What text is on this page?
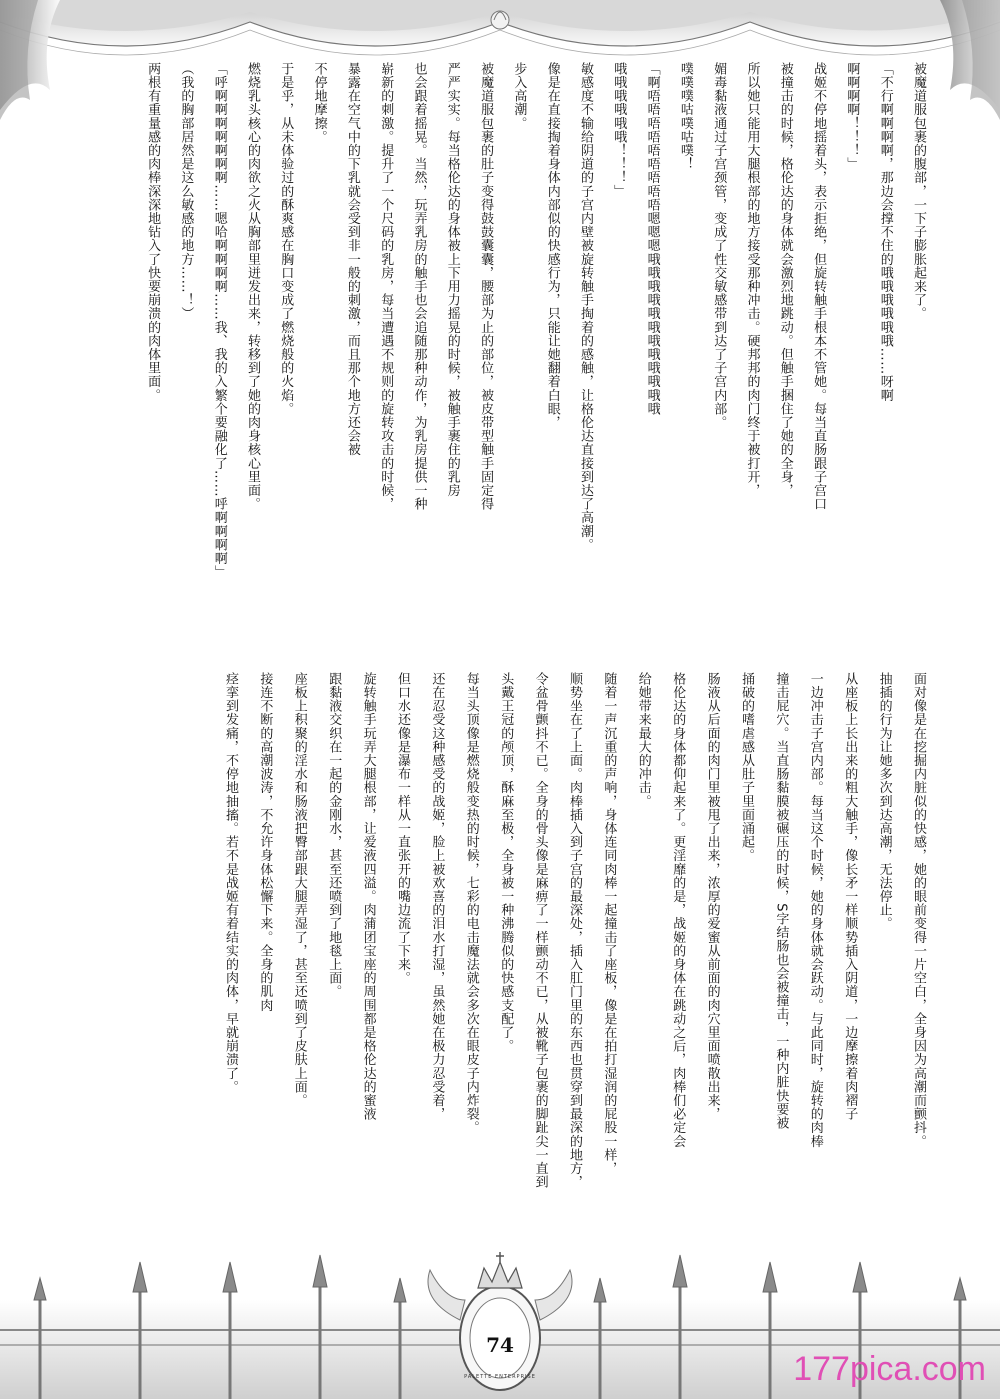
被魔道服包裹的腹部，一下子膨胀起来了。
「不行啊啊啊啊，那边会撑不住的哦哦哦哦哦哦……呀啊
啊啊啊啊！！！」
战姬不停地摇着头，表示拒绝，但旋转触手根本不管她。每当直肠跟子宫口
被撞击的时候，格伦达的身体就会激烈地跳动。但触手捆住了她的全身，
所以她只能用大腿根部的地方接受那种冲击。硬邦邦的肉门终于被打开，
媚毒黏液通过子宫颈管，变成了性交敏感带到达了子宫内部。
噗噗噗咕噗咕噗！
「啊唔唔唔唔唔唔唔唔唔嗯嗯嗯哦哦哦哦哦哦哦哦哦哦哦哦
哦哦哦哦哦哦！！！」
敏感度不输给阴道的子宫内壁被旋转触手掏着的感触，让格伦达直接到达了高潮。
像是在直接掏着身体内部似的快感行为，只能让她翻着白眼，
步入高潮。
被魔道服包裹的肚子变得鼓鼓囊囊，腰部为止的部位，被皮带型触手固定得
严严实实。每当格伦达的身体被上下用力摇晃的时候，被触手裹住的乳房
也会跟着摇晃。当然，玩弄乳房的触手也会追随那种动作，为乳房提供一种
崭新的刺激。提升了一个尺码的乳房，每当遭遇不规则的旋转攻击的时候，
暴露在空气中的下乳就会受到非一般的刺激，而且那个地方还会被
不停地摩擦。
于是乎，从未体验过的酥爽感在胸口变成了燃烧般的火焰。
燃烧乳头核心的肉欲之火从胸部里迸发出来，转移到了她的肉身核心里面。
「呼啊啊啊啊啊啊啊……嗯哈啊啊啊啊……我、我的入繁个要融化了……呼啊啊啊啊」
（我的胸部居然是这么敏感的地方……！）
两根有重量感的肉棒深深地钻入了快要崩溃的肉体里面。
面对像是在挖掘内脏似的快感，她的眼前变得一片空白，全身因为高潮而颤抖。
抽插的行为让她多次到达高潮，无法停止。
从座板上长出来的粗大触手，像长矛一样顺势插入阴道，一边摩擦着肉褶子
一边冲击子宫内部。每当这个时候，她的身体就会跃动。与此同时，旋转的肉棒
撞击屁穴。当直肠黏膜被碾压的时候，S字结肠也会被撞击，一种内脏快要被
捅破的嗜虐感从肚子里面涌起。
肠液从后面的肉门里被甩了出来，浓厚的爱蜜从前面的肉穴里面喷散出来，
格伦达的身体都仰起来了。更淫靡的是，战姬的身体在跳动之后，肉棒们必定会
给她带来最大的冲击。
随着一声沉重的声响，身体连同肉棒一起撞击了座板，像是在拍打湿润的屁股一样，
顺势坐在了上面。肉棒插入到子宫的最深处，插入肛门里的东西也贯穿到最深的地方，
令盆骨颤抖不已。全身的骨头像是麻痹了一样颤动不已，从被靴子包裹的脚趾尖一直到
头戴王冠的颅顶，酥麻至极，全身被一种沸腾似的快感支配了。
每当头顶像是燃烧般变热的时候，七彩的电击魔法就会多次在眼皮子内炸裂。
还在忍受这种感受的战姬，脸上被欢喜的泪水打湿，虽然她在极力忍受着，
但口水还像是瀑布一样从一直张开的嘴边流了下来。
旋转触手玩弄大腿根部，让爱液四溢。肉蒲团宝座的周围都是格伦达的蜜液
跟黏液交织在一起的金刚水，甚至还喷到了地毯上面。
座板上积聚的淫水和肠液把臀部跟大腿弄湿了，甚至还喷到了皮肤上面。
接连不断的高潮波涛，不允许身体松懈下来。全身的肌肉
痉挛到发痛，不停地抽搐。若不是战姬有着结实的肉体，早就崩溃了。
74
PALETTE ENTERPRISE	177pica.com
